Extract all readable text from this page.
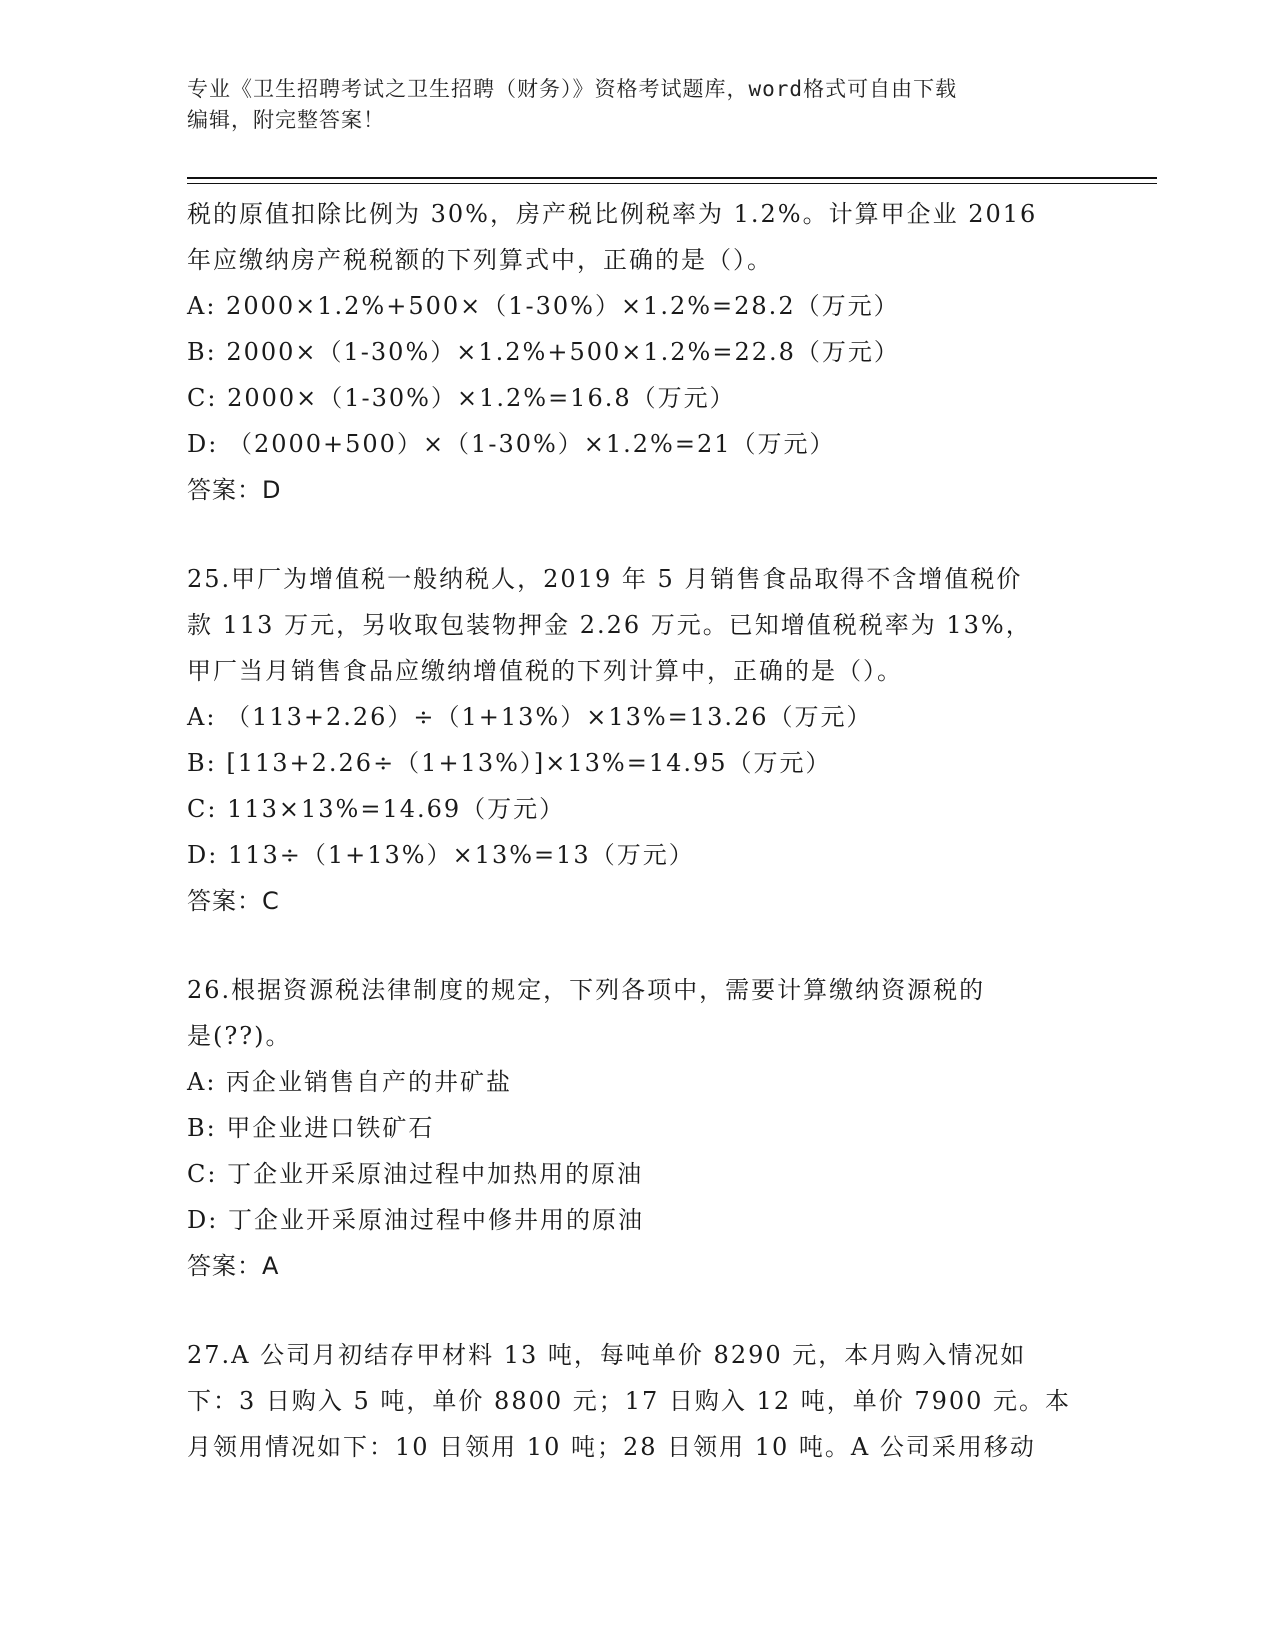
专业《卫生招聘考试之卫生招聘（财务）》资格考试题库，word格式可自由下载
编辑，附完整答案！
税的原值扣除比例为 30%，房产税比例税率为 1.2%。计算甲企业 2016
年应缴纳房产税税额的下列算式中，正确的是（）。
A: 2000×1.2%+500×（1-30%）×1.2%=28.2（万元）
B: 2000×（1-30%）×1.2%+500×1.2%=22.8（万元）
C: 2000×（1-30%）×1.2%=16.8（万元）
D: （2000+500）×（1-30%）×1.2%=21（万元）
答案：D
25.甲厂为增值税一般纳税人，2019 年 5 月销售食品取得不含增值税价
款 113 万元，另收取包装物押金 2.26 万元。已知增值税税率为 13%，
甲厂当月销售食品应缴纳增值税的下列计算中，正确的是（）。
A: （113+2.26）÷（1+13%）×13%=13.26（万元）
B: [113+2.26÷（1+13%）]×13%=14.95（万元）
C: 113×13%=14.69（万元）
D: 113÷（1+13%）×13%=13（万元）
答案：C
26.根据资源税法律制度的规定，下列各项中，需要计算缴纳资源税的
是(??)。
A: 丙企业销售自产的井矿盐
B: 甲企业进口铁矿石
C: 丁企业开采原油过程中加热用的原油
D: 丁企业开采原油过程中修井用的原油
答案：A
27.A 公司月初结存甲材料 13 吨，每吨单价 8290 元，本月购入情况如
下：3 日购入 5 吨，单价 8800 元；17 日购入 12 吨，单价 7900 元。本
月领用情况如下：10 日领用 10 吨；28 日领用 10 吨。A 公司采用移动
